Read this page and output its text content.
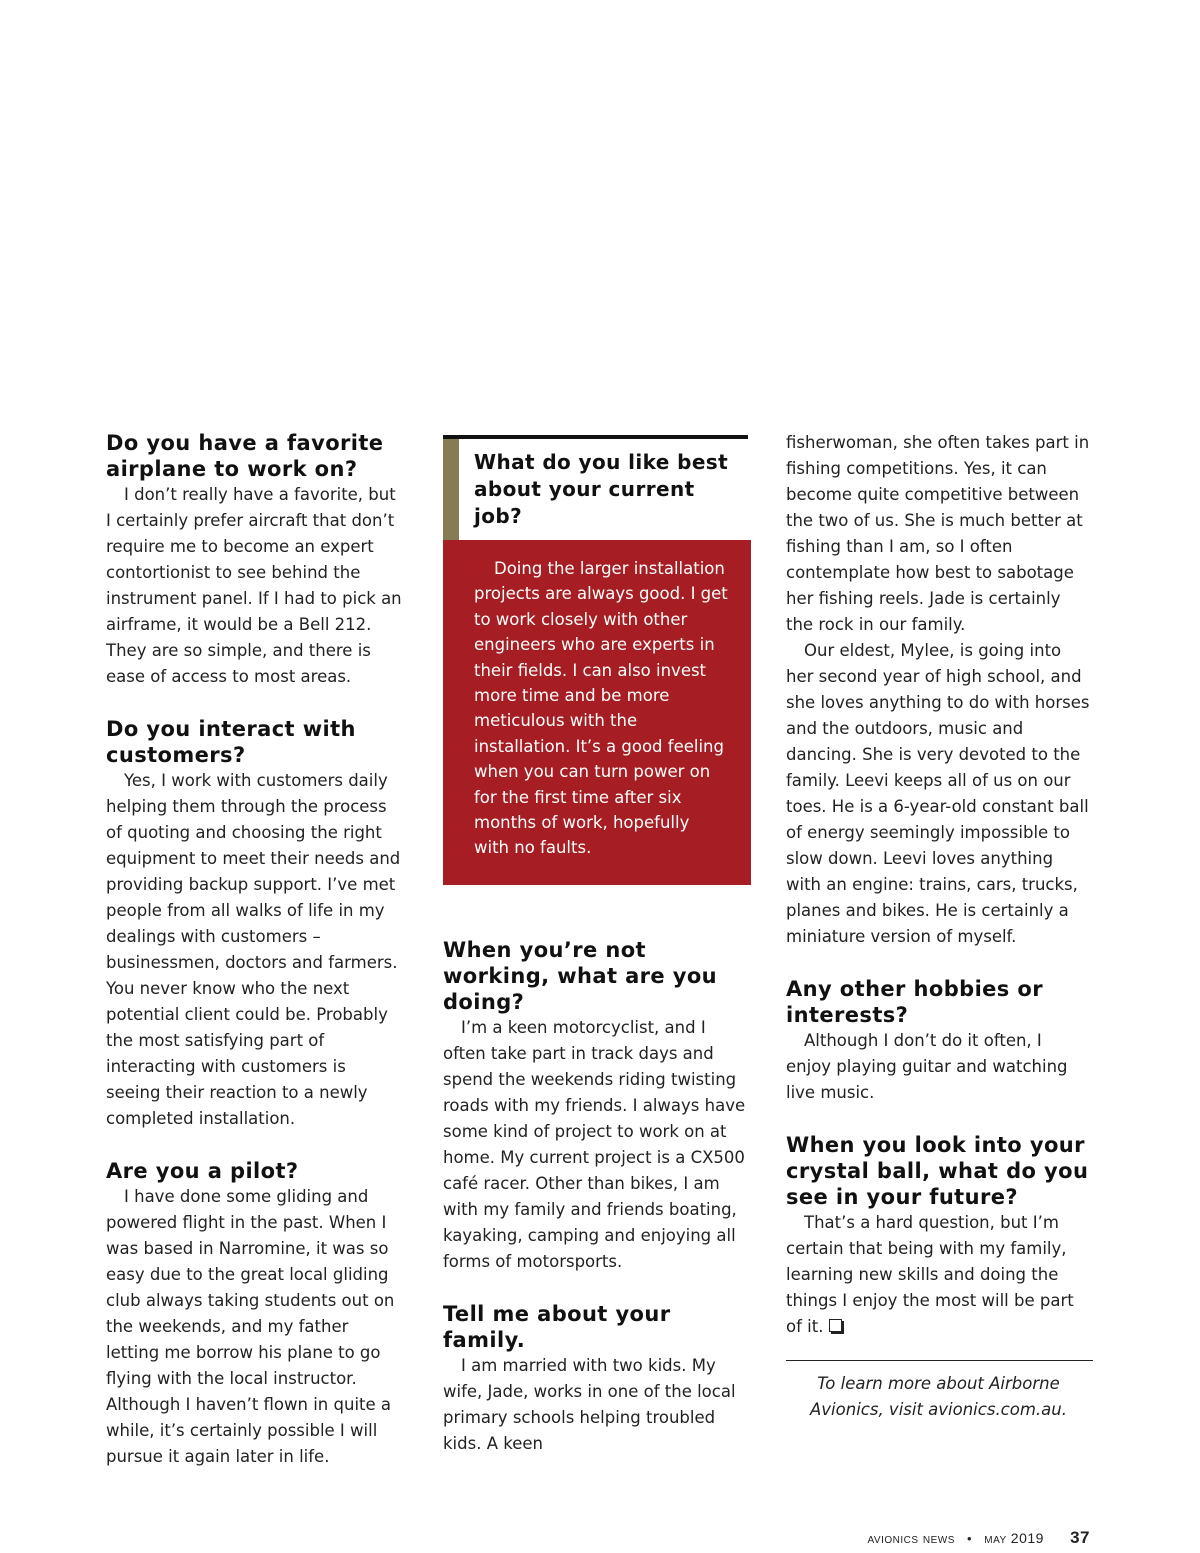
Do you have a favorite airplane to work on?

I don’t really have a favorite, but I certainly prefer aircraft that don’t require me to become an expert contortionist to see behind the instrument panel. If I had to pick an airframe, it would be a Bell 212. They are so simple, and there is ease of access to most areas.

Do you interact with customers?

Yes, I work with customers daily helping them through the process of quoting and choosing the right equipment to meet their needs and providing backup support. I’ve met people from all walks of life in my dealings with customers – businessmen, doctors and farmers. You never know who the next potential client could be. Probably the most satisfying part of interacting with customers is seeing their reaction to a newly completed installation.

Are you a pilot?

I have done some gliding and powered flight in the past. When I was based in Narromine, it was so easy due to the great local gliding club always taking students out on the weekends, and my father letting me borrow his plane to go flying with the local instructor. Although I haven’t flown in quite a while, it’s certainly possible I will pursue it again later in life.

What do you like best about your current job?

Doing the larger installation projects are always good. I get to work closely with other engineers who are experts in their fields. I can also invest more time and be more meticulous with the installation. It’s a good feeling when you can turn power on for the first time after six months of work, hopefully with no faults.

When you’re not working, what are you doing?

I’m a keen motorcyclist, and I often take part in track days and spend the weekends riding twisting roads with my friends. I always have some kind of project to work on at home. My current project is a CX500 café racer. Other than bikes, I am with my family and friends boating, kayaking, camping and enjoying all forms of motorsports.

Tell me about your family.

I am married with two kids. My wife, Jade, works in one of the local primary schools helping troubled kids. A keen

fisherwoman, she often takes part in fishing competitions. Yes, it can become quite competitive between the two of us. She is much better at fishing than I am, so I often contemplate how best to sabotage her fishing reels. Jade is certainly the rock in our family.

Our eldest, Mylee, is going into her second year of high school, and she loves anything to do with horses and the outdoors, music and dancing. She is very devoted to the family. Leevi keeps all of us on our toes. He is a 6-year-old constant ball of energy seemingly impossible to slow down. Leevi loves anything with an engine: trains, cars, trucks, planes and bikes. He is certainly a miniature version of myself.

Any other hobbies or interests?

Although I don’t do it often, I enjoy playing guitar and watching live music.

When you look into your crystal ball, what do you see in your future?

That’s a hard question, but I’m certain that being with my family, learning new skills and doing the things I enjoy the most will be part of it.

To learn more about Airborne Avionics, visit avionics.com.au.

avionics news • may 2019 37
